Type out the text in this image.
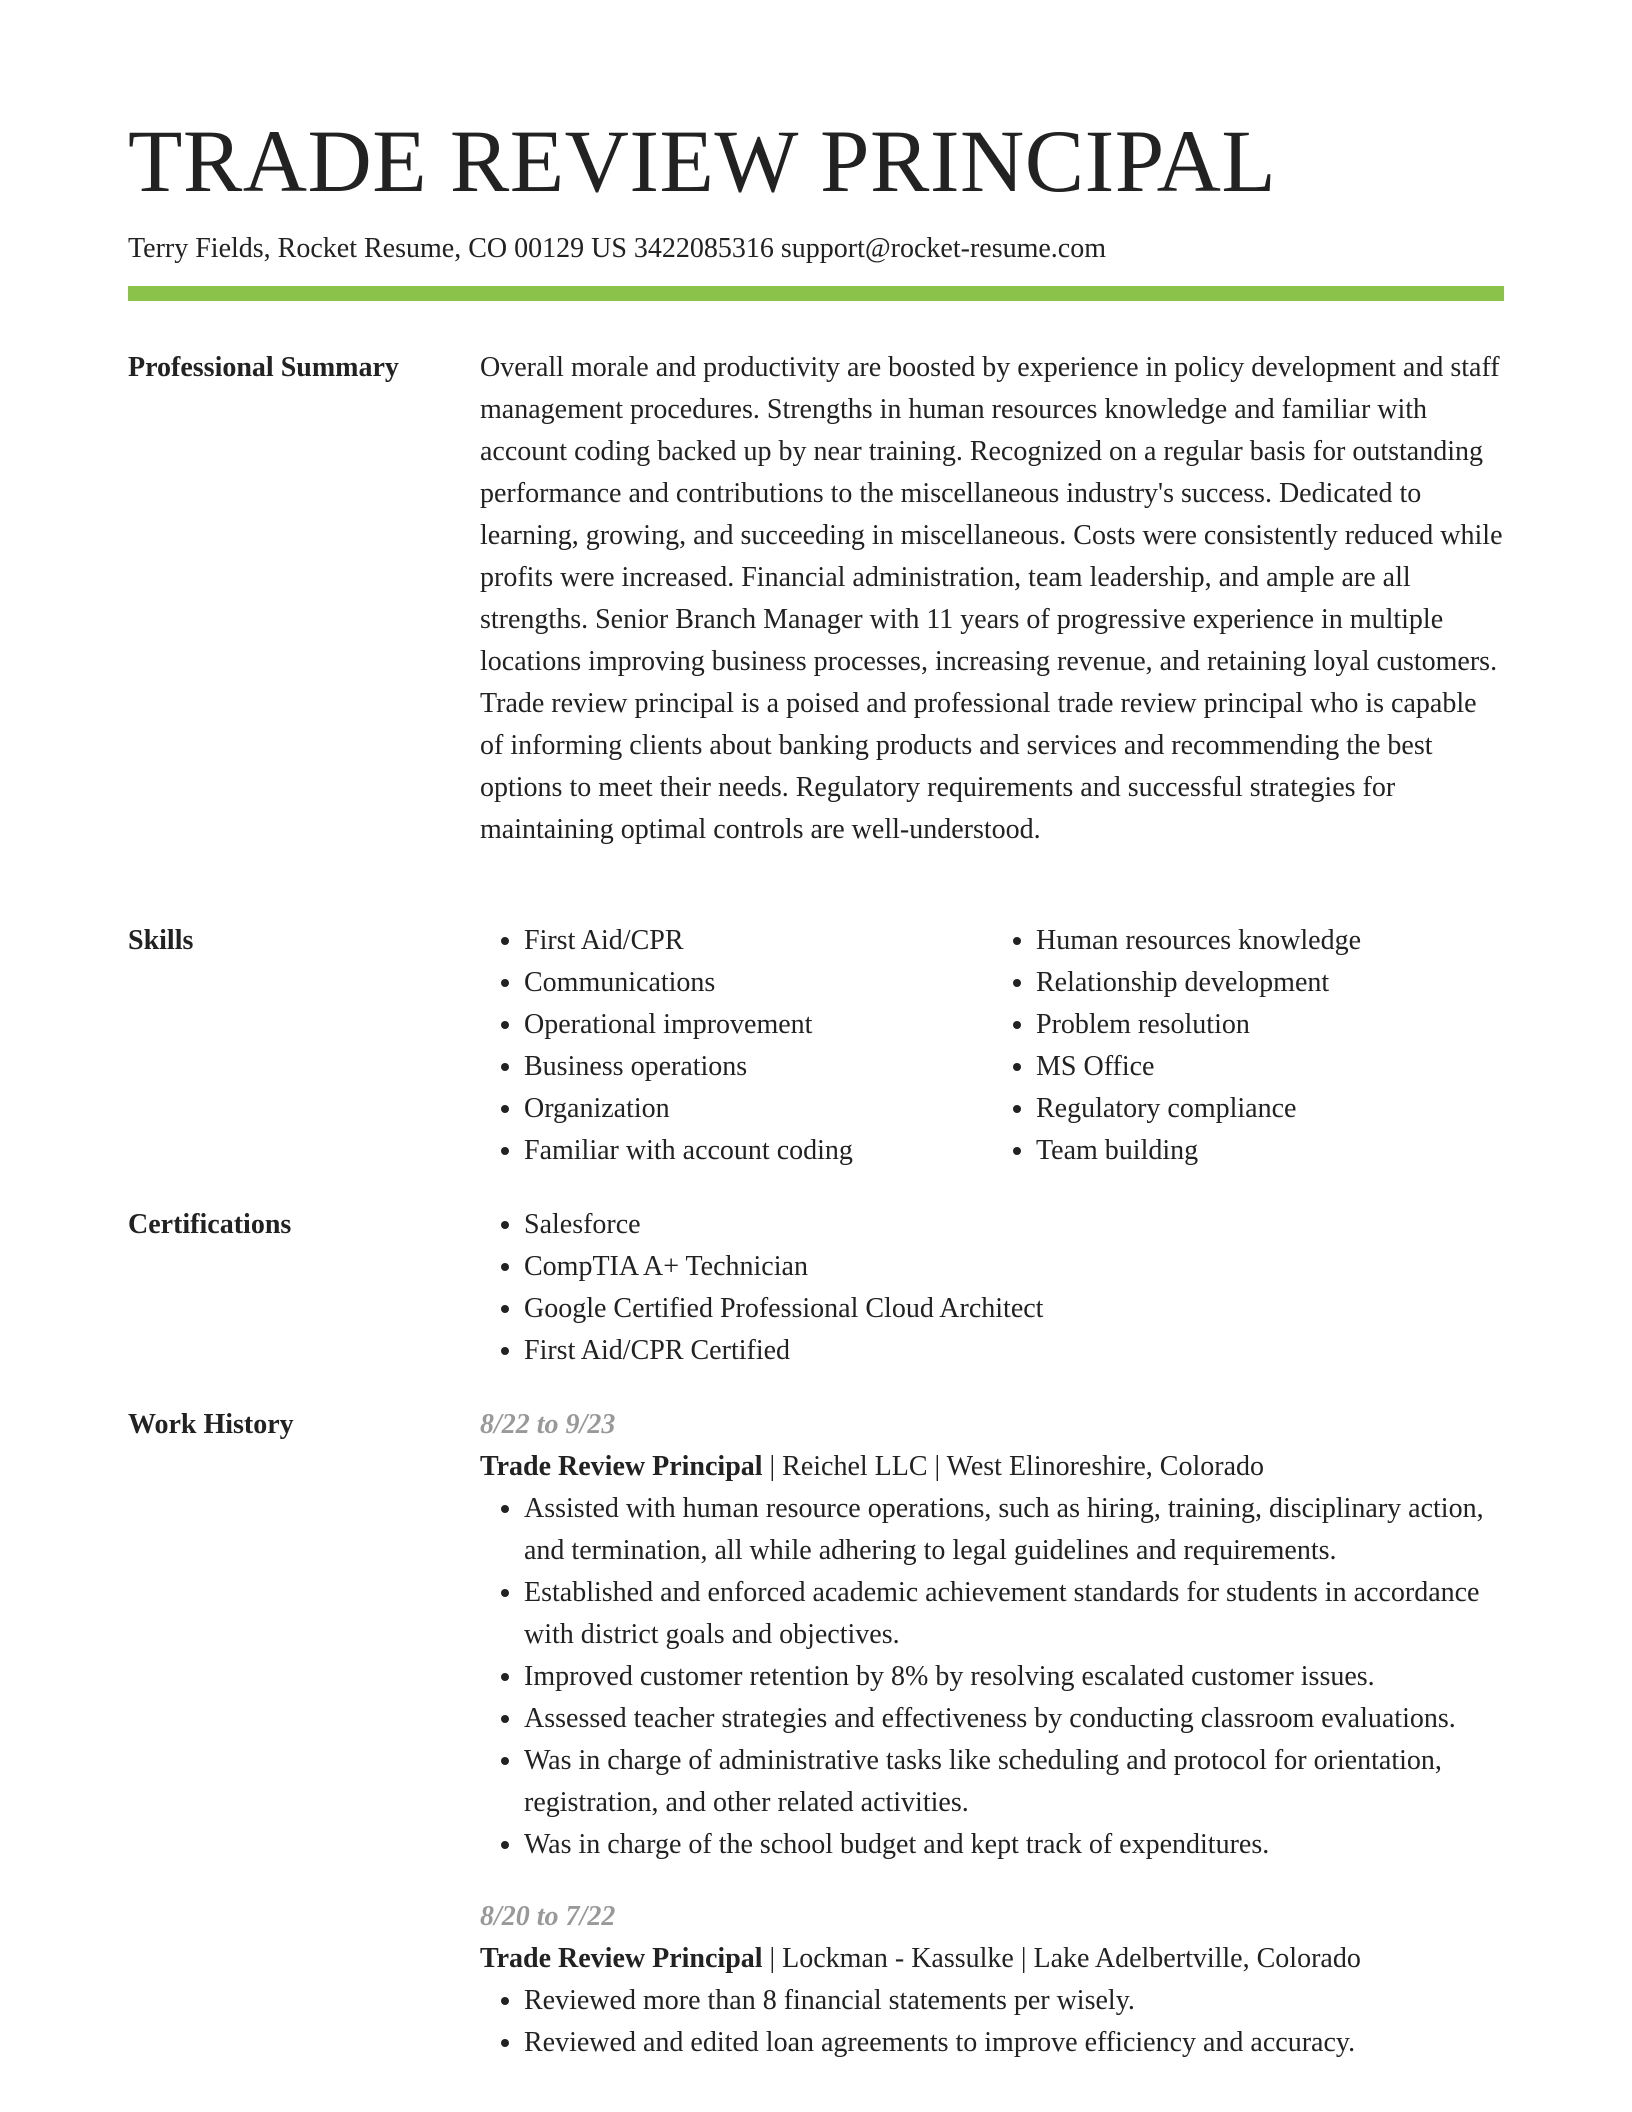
TRADE REVIEW PRINCIPAL
Terry Fields, Rocket Resume, CO 00129 US 3422085316 support@rocket-resume.com
Professional Summary	Overall morale and productivity are boosted by experience in policy development and staff management procedures. Strengths in human resources knowledge and familiar with account coding backed up by near training. Recognized on a regular basis for outstanding performance and contributions to the miscellaneous industry's success. Dedicated to learning, growing, and succeeding in miscellaneous. Costs were consistently reduced while profits were increased. Financial administration, team leadership, and ample are all strengths. Senior Branch Manager with 11 years of progressive experience in multiple locations improving business processes, increasing revenue, and retaining loyal customers. Trade review principal is a poised and professional trade review principal who is capable of informing clients about banking products and services and recommending the best options to meet their needs. Regulatory requirements and successful strategies for maintaining optimal controls are well-understood.

Skills	• First Aid/CPR
• Communications
• Operational improvement
• Business operations
• Organization
• Familiar with account coding
• Human resources knowledge
• Relationship development
• Problem resolution
• MS Office
• Regulatory compliance
• Team building
Certifications	• Salesforce
• CompTIA A+ Technician
• Google Certified Professional Cloud Architect
• First Aid/CPR Certified
Work History	8/22 to 9/23

Trade Review Principal | Reichel LLC | West Elinoreshire, Colorado

• Assisted with human resource operations, such as hiring, training, disciplinary action, and termination, all while adhering to legal guidelines and requirements.
• Established and enforced academic achievement standards for students in accordance with district goals and objectives.
• Improved customer retention by 8% by resolving escalated customer issues.
• Assessed teacher strategies and effectiveness by conducting classroom evaluations.
• Was in charge of administrative tasks like scheduling and protocol for orientation, registration, and other related activities.
• Was in charge of the school budget and kept track of expenditures.

8/20 to 7/22

Trade Review Principal | Lockman - Kassulke | Lake Adelbertville, Colorado

• Reviewed more than 8 financial statements per wisely.
• Reviewed and edited loan agreements to improve efficiency and accuracy.
